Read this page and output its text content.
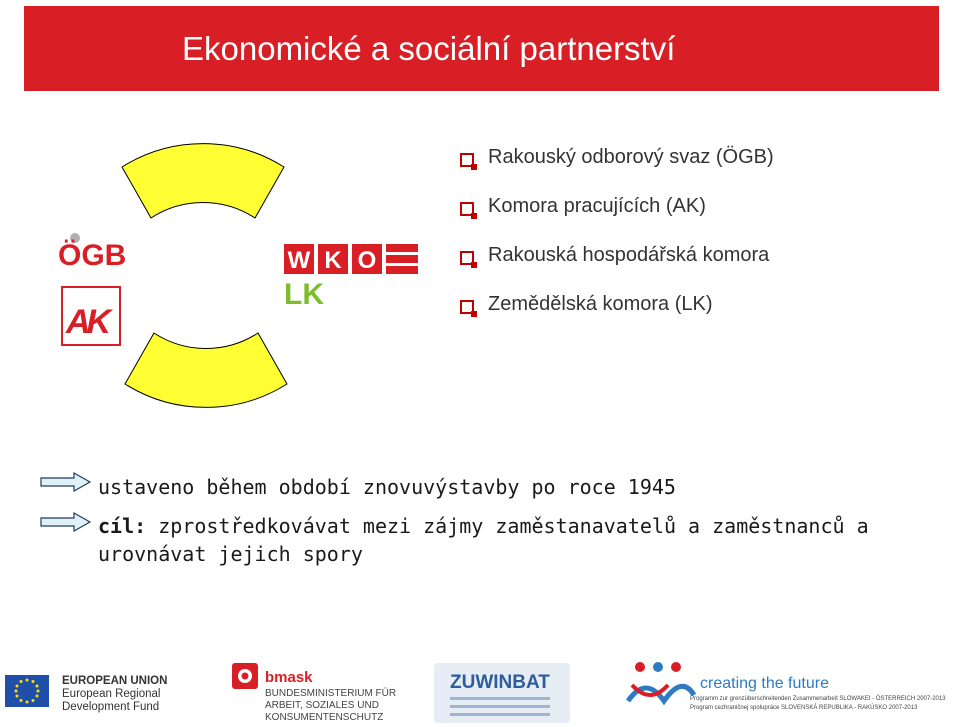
Ekonomické a sociální partnerství
ÖGB
AK
W K O
LK
Rakouský odborový svaz (ÖGB)
Komora pracujících (AK)
Rakouská hospodářská komora
Zemědělská komora (LK)
ustaveno během období znovuvýstavby po roce 1945
cíl: zprostředkovávat mezi zájmy zaměstanavatelů a zaměstnanců a
urovnávat jejich spory
EUROPEAN UNION
European Regional
Development Fund
bmask
BUNDESMINISTERIUM FÜR
ARBEIT, SOZIALES UND
KONSUMENTENSCHUTZ
ZUWINBAT	creating the future
Programm zur grenzüberschreitenden Zusammenarbeit SLOWAKEI - ÖSTERREICH 2007-2013
Program cezhraničnej spolupráce SLOVENSKÁ REPUBLIKA - RAKÚSKO 2007-2013
